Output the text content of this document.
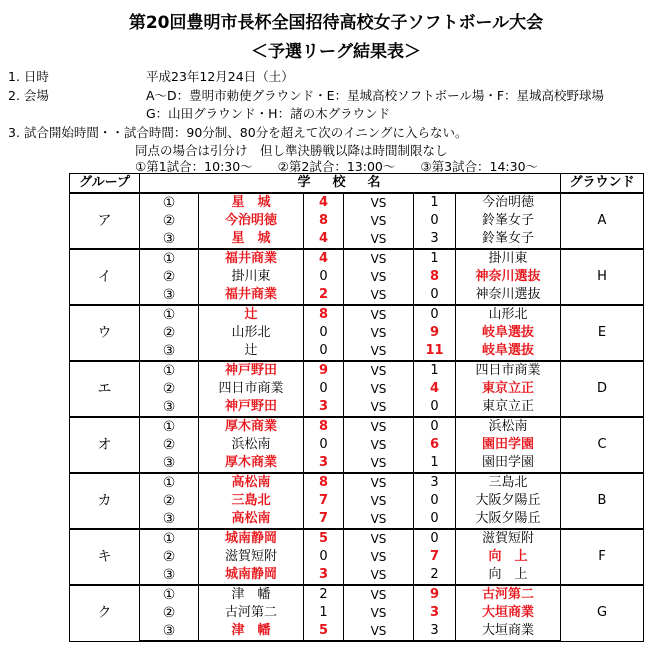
第20回豊明市長杯全国招待高校女子ソフトボール大会
＜予選リーグ結果表＞
1. 日時	平成23年12月24日（土）
2. 会場	A〜D：豊明市勅使グラウンド・E：星城高校ソフトボール場・F：星城高校野球場
G：山田グラウンド・H：諸の木グラウンド
3. 試合開始時間・・試合時間：90分制、80分を超えて次のイニングに入らない。
同点の場合は引分け　但し準決勝戦以降は時間制限なし
①第1試合：10:30〜　　②第2試合：13:00〜　　③第3試合：14:30〜
グループ	学校名						グラウンド
ア	①	星　城	4	VS	1	今治明徳	A
	②	今治明徳	8	VS	0	鈴峯女子	
	③	星　城	4	VS	3	鈴峯女子	
イ	①	福井商業	4	VS	1	掛川東	H
	②	掛川東	0	VS	8	神奈川選抜	
	③	福井商業	2	VS	0	神奈川選抜	
ウ	①	辻	8	VS	0	山形北	E
	②	山形北	0	VS	9	岐阜選抜	
	③	辻	0	VS	11	岐阜選抜	
エ	①	神戸野田	9	VS	1	四日市商業	D
	②	四日市商業	0	VS	4	東京立正	
	③	神戸野田	3	VS	0	東京立正	
オ	①	厚木商業	8	VS	0	浜松南	C
	②	浜松南	0	VS	6	園田学園	
	③	厚木商業	3	VS	1	園田学園	
カ	①	高松南	8	VS	3	三島北	B
	②	三島北	7	VS	0	大阪夕陽丘	
	③	高松南	7	VS	0	大阪夕陽丘	
キ	①	城南静岡	5	VS	0	滋賀短附	F
	②	滋賀短附	0	VS	7	向　上	
	③	城南静岡	3	VS	2	向　上	
ク	①	津　幡	2	VS	9	古河第二	G
	②	古河第二	1	VS	3	大垣商業	
	③	津　幡	5	VS	3	大垣商業	
